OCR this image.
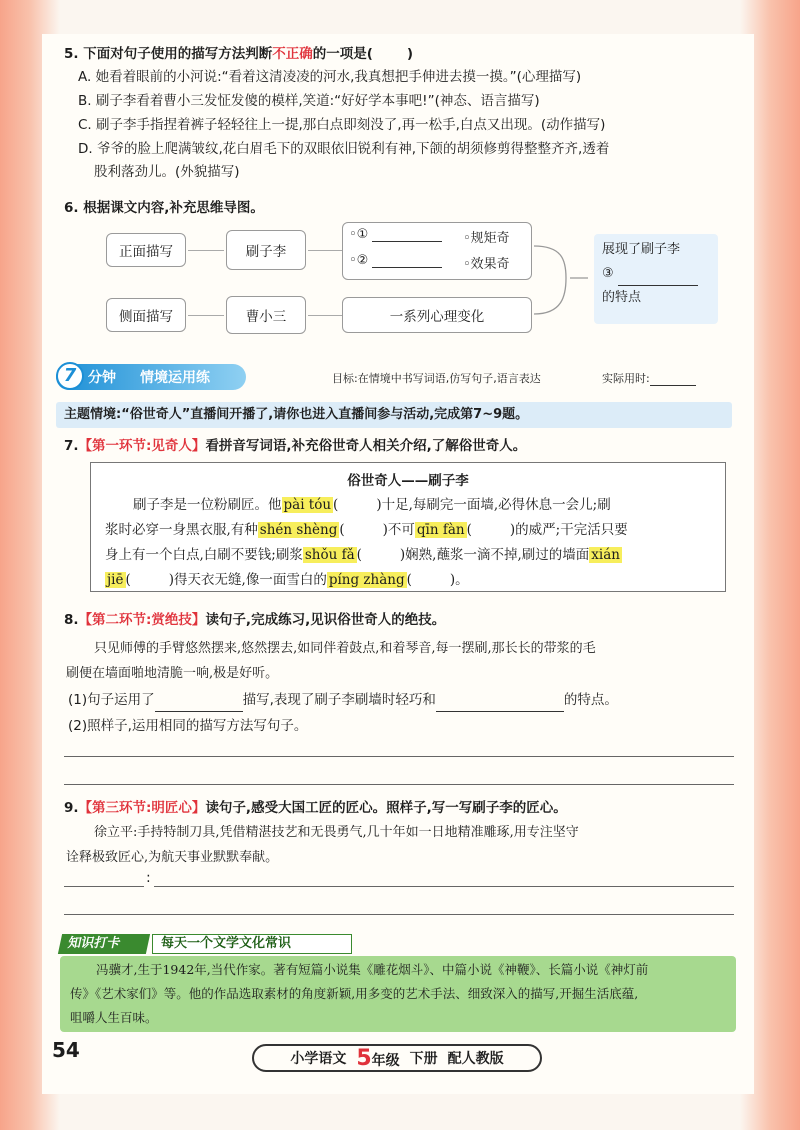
5. 下面对句子使用的描写方法判断不正确的一项是(	)
A. 她看着眼前的小河说:“看着这清凌凌的河水,我真想把手伸进去摸一摸。”(心理描写)
B. 刷子李看着曹小三发怔发傻的模样,笑道:“好好学本事吧!”(神态、语言描写)
C. 刷子李手指捏着裤子轻轻往上一提,那白点即刻没了,再一松手,白点又出现。(动作描写)
D. 爷爷的脸上爬满皱纹,花白眉毛下的双眼依旧锐利有神,下颌的胡须修剪得整整齐齐,透着
股利落劲儿。(外貌描写)
6. 根据课文内容,补充思维导图。
正面描写
侧面描写
刷子李
曹小三
◦①
◦②
◦规矩奇
◦效果奇
一系列心理变化
展现了刷子李
③
的特点
7 分钟 情境运用练	目标:在情境中书写词语,仿写句子,语言表达	实际用时:
主题情境:“俗世奇人”直播间开播了,请你也进入直播间参与活动,完成第7~9题。
7.【第一环节:见奇人】看拼音写词语,补充俗世奇人相关介绍,了解俗世奇人。
俗世奇人——刷子李
刷子李是一位粉刷匠。他 pài tóu (	)十足,每刷完一面墙,必得休息一会儿;刷
浆时必穿一身黑衣服,有种 shén shèng (	)不可 qīn fàn (	)的威严;干完活只要
身上有一个白点,白刷不要钱;刷浆 shǒu fǎ (	)娴熟,蘸浆一滴不掉,刷过的墙面 xián
jiē (	)得天衣无缝,像一面雪白的 píng zhàng (	)。
8.【第二环节:赏绝技】读句子,完成练习,见识俗世奇人的绝技。
只见师傅的手臂悠然摆来,悠然摆去,如同伴着鼓点,和着琴音,每一摆刷,那长长的带浆的毛
刷便在墙面啪地清脆一响,极是好听。
(1)句子运用了	描写,表现了刷子李刷墙时轻巧和	的特点。
(2)照样子,运用相同的描写方法写句子。
9.【第三环节:明匠心】读句子,感受大国工匠的匠心。照样子,写一写刷子李的匠心。
徐立平:手持特制刀具,凭借精湛技艺和无畏勇气,几十年如一日地精准雕琢,用专注坚守
诠释极致匠心,为航天事业默默奉献。
:
知识打卡	每天一个文学文化常识
冯骥才,生于1942年,当代作家。著有短篇小说集《雕花烟斗》、中篇小说《神鞭》、长篇小说《神灯前
传》《艺术家们》等。他的作品选取素材的角度新颖,用多变的艺术手法、细致深入的描写,开掘生活底蕴,
咀嚼人生百味。
54	小学语文 5年级 下册 配人教版
